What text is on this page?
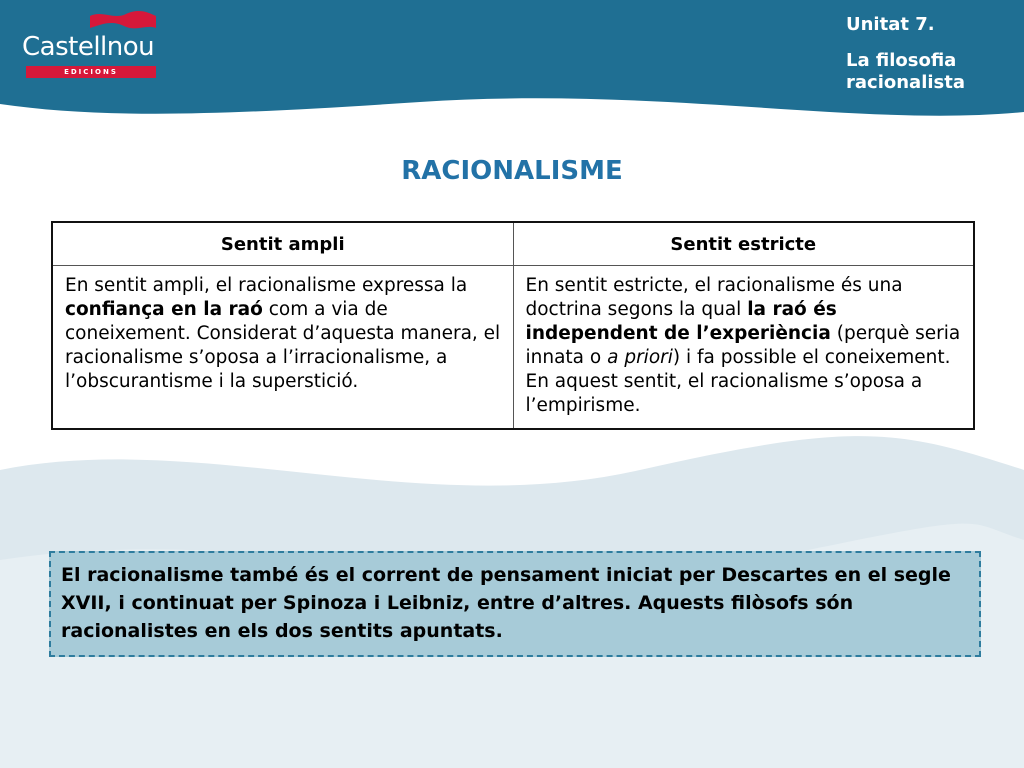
Castellnou
EDICIONS
Unitat 7.
La filosofia racionalista
RACIONALISME
Sentit ampli	Sentit estricte
En sentit ampli, el racionalisme expressa la confiança en la raó com a via de coneixement. Considerat d’aquesta manera, el racionalisme s’oposa a l’irracionalisme, a l’obscurantisme i la superstició.	En sentit estricte, el racionalisme és una doctrina segons la qual la raó és independent de l’experiència (perquè seria innata o a priori) i fa possible el coneixement. En aquest sentit, el racionalisme s’oposa a l’empirisme.
El racionalisme també és el corrent de pensament iniciat per Descartes en el segle XVII, i continuat per Spinoza i Leibniz, entre d’altres. Aquests filòsofs són racionalistes en els dos sentits apuntats.
